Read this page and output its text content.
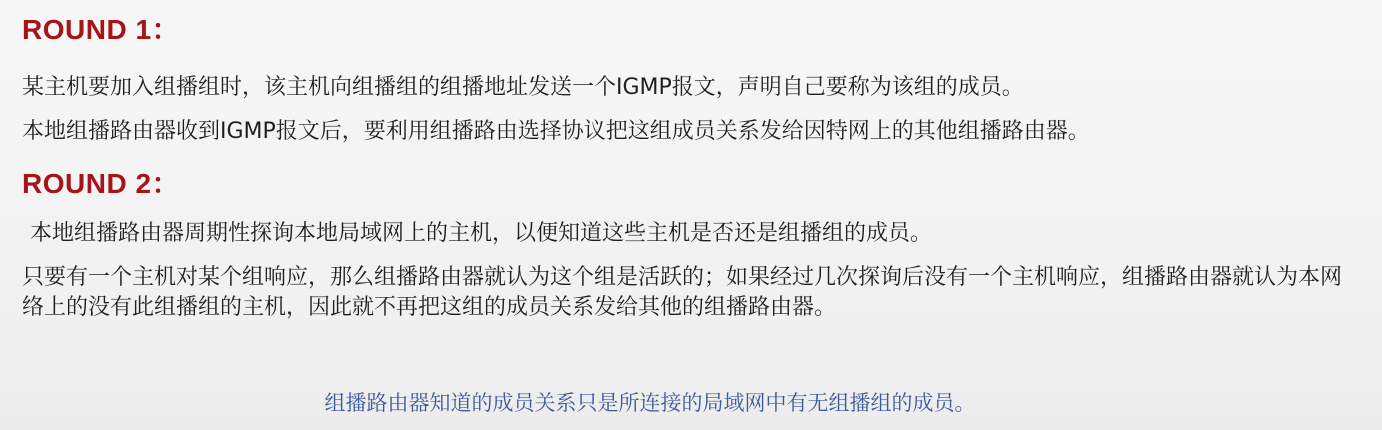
ROUND 1：
某主机要加入组播组时，该主机向组播组的组播地址发送一个IGMP报文，声明自己要称为该组的成员。
本地组播路由器收到IGMP报文后，要利用组播路由选择协议把这组成员关系发给因特网上的其他组播路由器。
ROUND 2：
本地组播路由器周期性探询本地局域网上的主机，以便知道这些主机是否还是组播组的成员。
只要有一个主机对某个组响应，那么组播路由器就认为这个组是活跃的；如果经过几次探询后没有一个主机响应，组播路由器就认为本网络上的没有此组播组的主机，因此就不再把这组的成员关系发给其他的组播路由器。
组播路由器知道的成员关系只是所连接的局域网中有无组播组的成员。
